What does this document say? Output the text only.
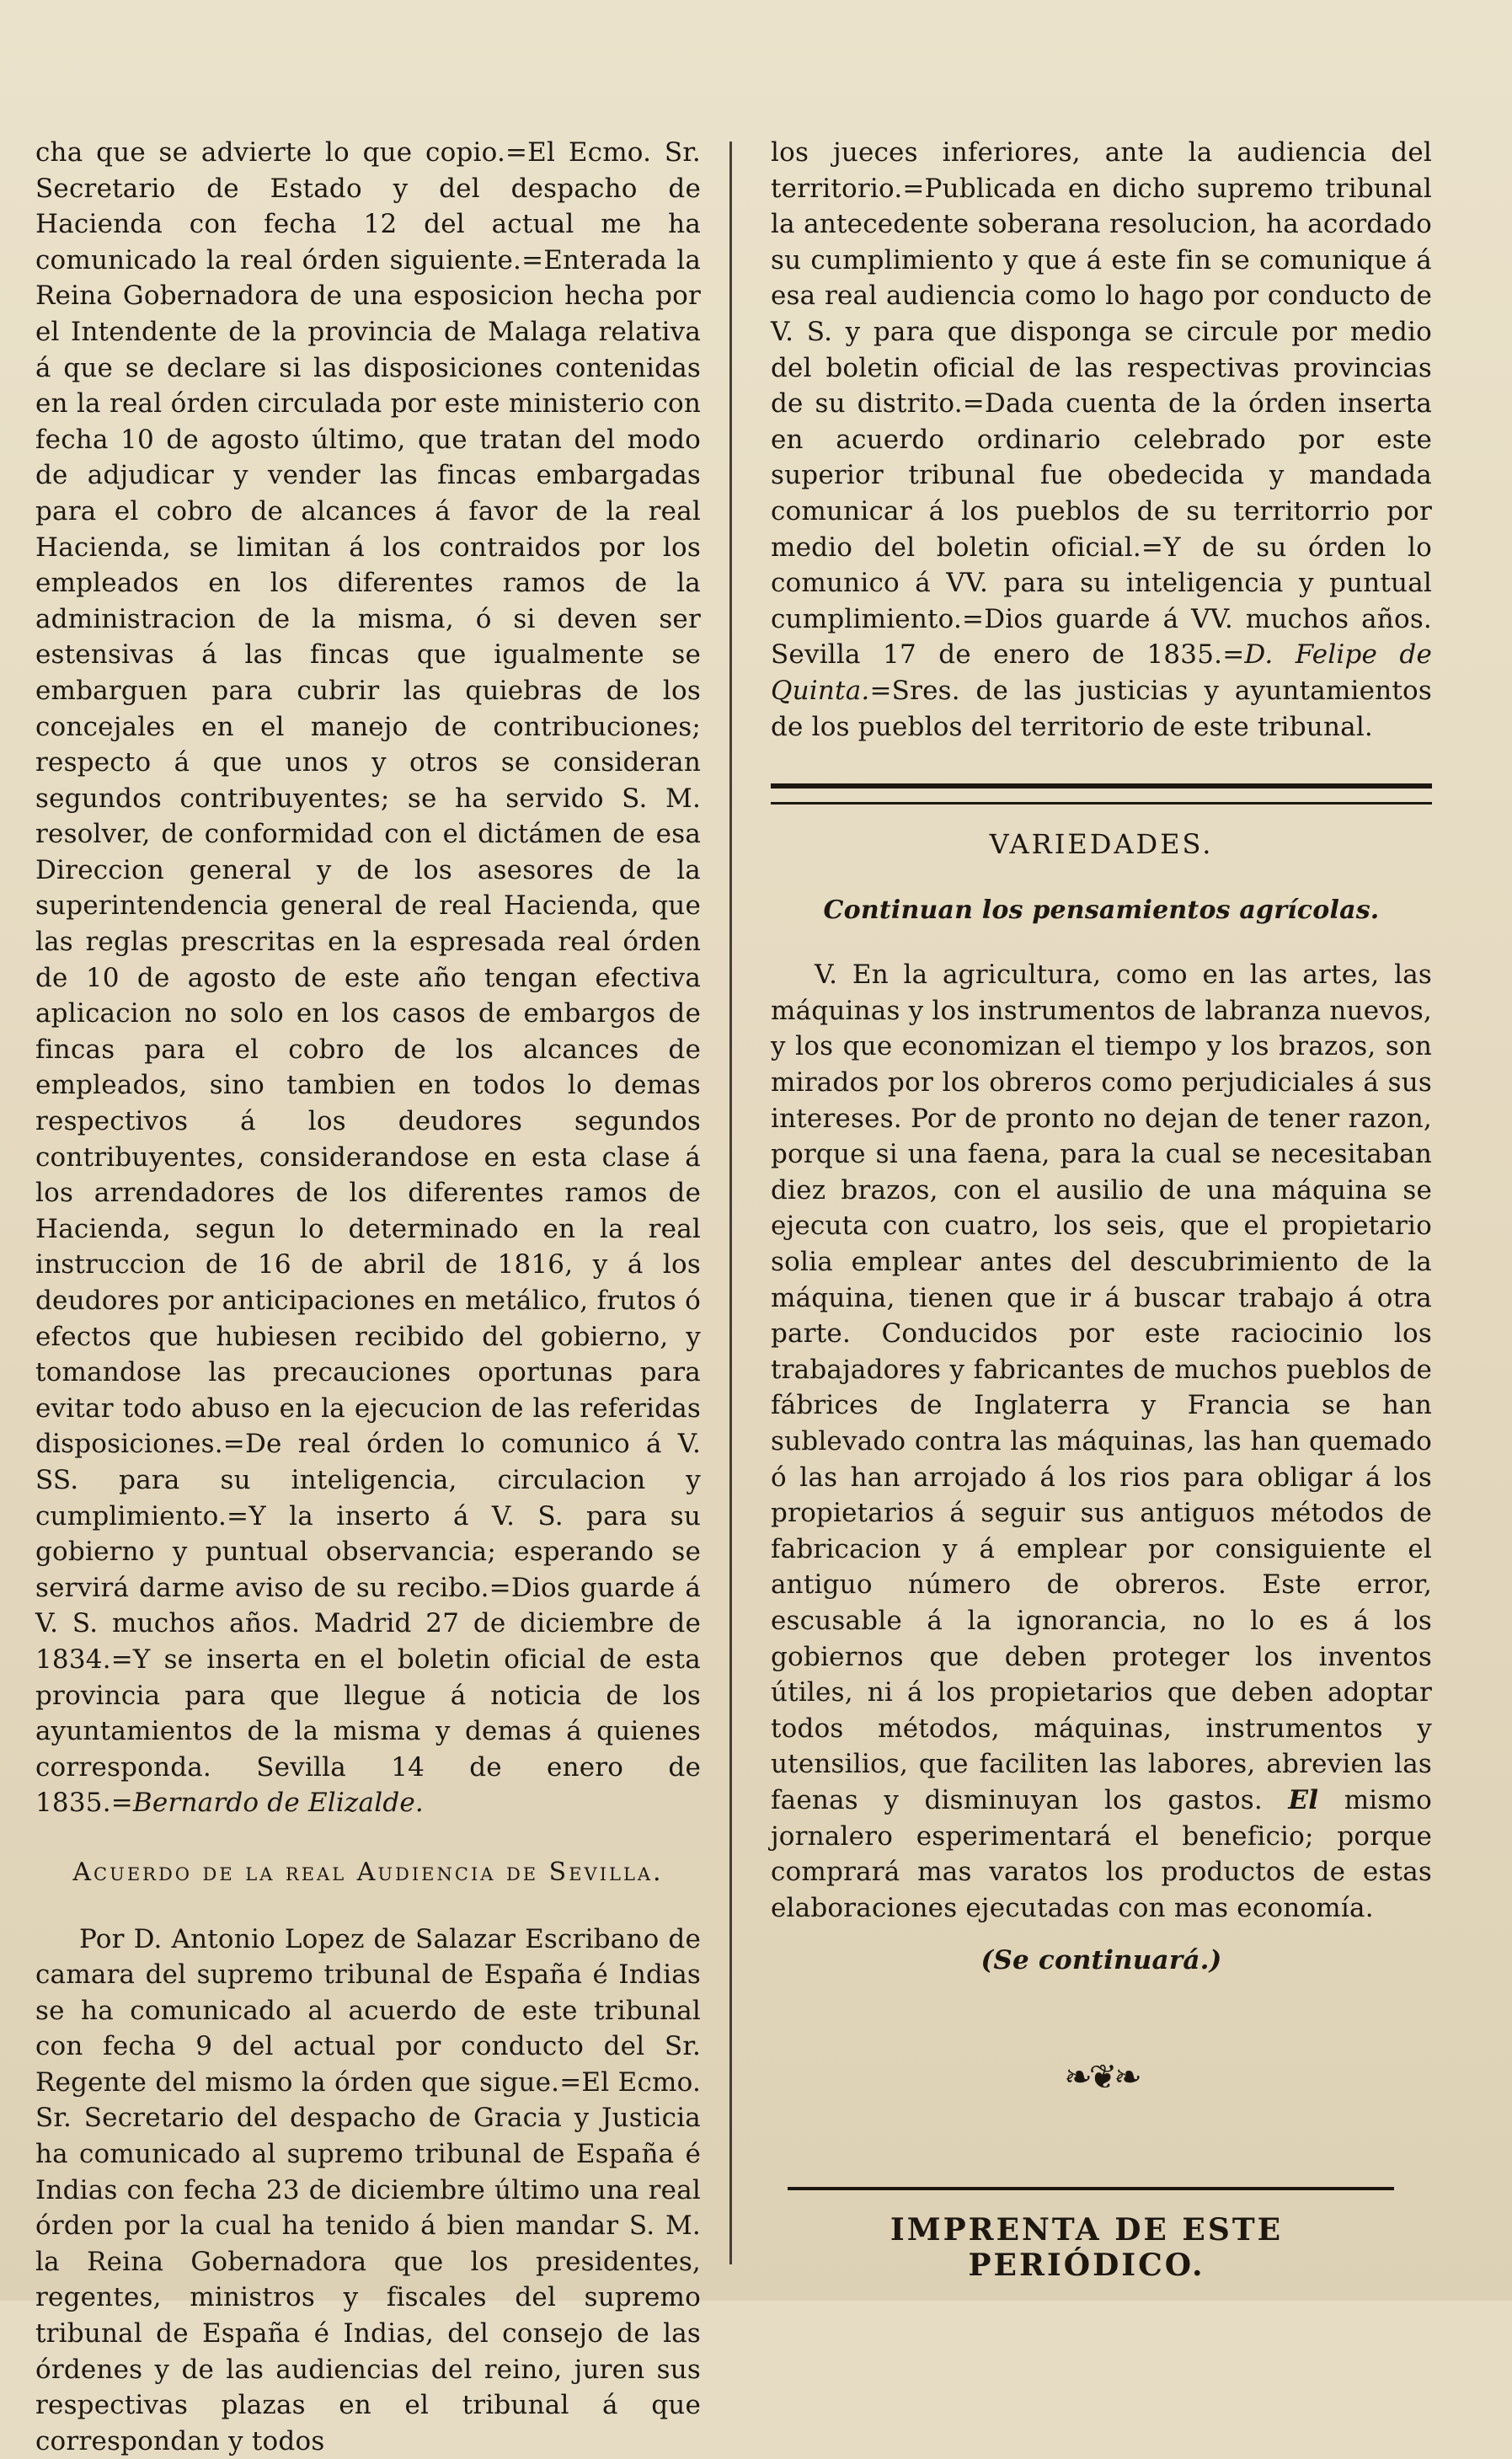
cha que se advierte lo que copio.=El Ecmo. Sr. Secretario de Estado y del despacho de Hacienda con fecha 12 del actual me ha comunicado la real órden siguiente.=Enterada la Reina Gobernadora de una esposicion hecha por el Intendente de la provincia de Malaga relativa á que se declare si las disposiciones contenidas en la real órden circulada por este ministerio con fecha 10 de agosto último, que tratan del modo de adjudicar y vender las fincas embargadas para el cobro de alcances á favor de la real Hacienda, se limitan á los contraidos por los empleados en los diferentes ramos de la administracion de la misma, ó si deven ser estensivas á las fincas que igualmente se embarguen para cubrir las quiebras de los concejales en el manejo de contribuciones; respecto á que unos y otros se consideran segundos contribuyentes; se ha servido S. M. resolver, de conformidad con el dictámen de esa Direccion general y de los asesores de la superintendencia general de real Hacienda, que las reglas prescritas en la espresada real órden de 10 de agosto de este año tengan efectiva aplicacion no solo en los casos de embargos de fincas para el cobro de los alcances de empleados, sino tambien en todos lo demas respectivos á los deudores segundos contribuyentes, considerandose en esta clase á los arrendadores de los diferentes ramos de Hacienda, segun lo determinado en la real instruccion de 16 de abril de 1816, y á los deudores por anticipaciones en metálico, frutos ó efectos que hubiesen recibido del gobierno, y tomandose las precauciones oportunas para evitar todo abuso en la ejecucion de las referidas disposiciones.=De real órden lo comunico á V. SS. para su inteligencia, circulacion y cumplimiento.=Y la inserto á V. S. para su gobierno y puntual observancia; esperando se servirá darme aviso de su recibo.=Dios guarde á V. S. muchos años. Madrid 27 de diciembre de 1834.=Y se inserta en el boletin oficial de esta provincia para que llegue á noticia de los ayuntamientos de la misma y demas á quienes corresponda. Sevilla 14 de enero de 1835.=Bernardo de Elizalde.

Acuerdo de la real Audiencia de Sevilla.

Por D. Antonio Lopez de Salazar Escribano de camara del supremo tribunal de España é Indias se ha comunicado al acuerdo de este tribunal con fecha 9 del actual por conducto del Sr. Regente del mismo la órden que sigue.=El Ecmo. Sr. Secretario del despacho de Gracia y Justicia ha comunicado al supremo tribunal de España é Indias con fecha 23 de diciembre último una real órden por la cual ha tenido á bien mandar S. M. la Reina Gobernadora que los presidentes, regentes, ministros y fiscales del supremo tribunal de España é Indias, del consejo de las órdenes y de las audiencias del reino, juren sus respectivas plazas en el tribunal á que correspondan y todos

los jueces inferiores, ante la audiencia del territorio.=Publicada en dicho supremo tribunal la antecedente soberana resolucion, ha acordado su cumplimiento y que á este fin se comunique á esa real audiencia como lo hago por conducto de V. S. y para que disponga se circule por medio del boletin oficial de las respectivas provincias de su distrito.=Dada cuenta de la órden inserta en acuerdo ordinario celebrado por este superior tribunal fue obedecida y mandada comunicar á los pueblos de su territorrio por medio del boletin oficial.=Y de su órden lo comunico á VV. para su inteligencia y puntual cumplimiento.=Dios guarde á VV. muchos años. Sevilla 17 de enero de 1835.=D. Felipe de Quinta.=Sres. de las justicias y ayuntamientos de los pueblos del territorio de este tribunal.

VARIEDADES.

Continuan los pensamientos agrícolas.

V. En la agricultura, como en las artes, las máquinas y los instrumentos de labranza nuevos, y los que economizan el tiempo y los brazos, son mirados por los obreros como perjudiciales á sus intereses. Por de pronto no dejan de tener razon, porque si una faena, para la cual se necesitaban diez brazos, con el ausilio de una máquina se ejecuta con cuatro, los seis, que el propietario solia emplear antes del descubrimiento de la máquina, tienen que ir á buscar trabajo á otra parte. Conducidos por este raciocinio los trabajadores y fabricantes de muchos pueblos de fábrices de Inglaterra y Francia se han sublevado contra las máquinas, las han quemado ó las han arrojado á los rios para obligar á los propietarios á seguir sus antiguos métodos de fabricacion y á emplear por consiguiente el antiguo número de obreros. Este error, escusable á la ignorancia, no lo es á los gobiernos que deben proteger los inventos útiles, ni á los propietarios que deben adoptar todos métodos, máquinas, instrumentos y utensilios, que faciliten las labores, abrevien las faenas y disminuyan los gastos. El mismo jornalero esperimentará el beneficio; porque comprará mas varatos los productos de estas elaboraciones ejecutadas con mas economía.

(Se continuará.)

❧❦❧
IMPRENTA DE ESTE PERIÓDICO.
